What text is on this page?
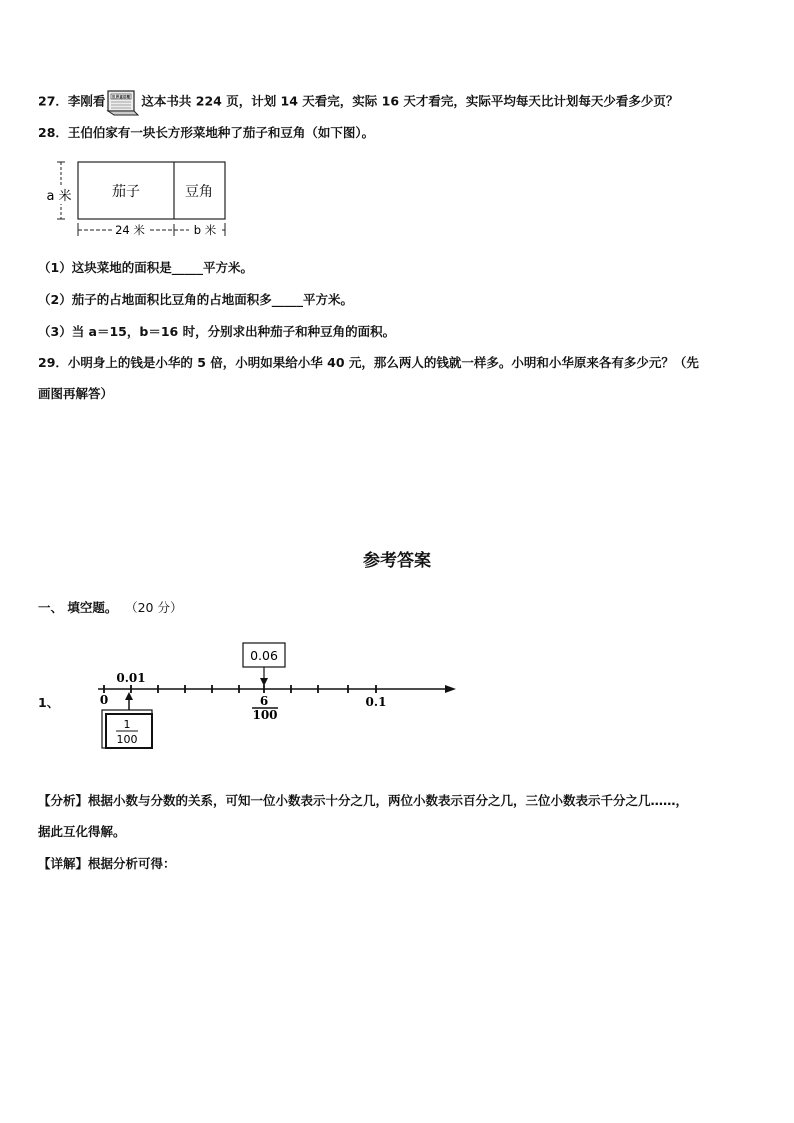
27．李刚看 世界童话精 这本书共 224 页，计划 14 天看完，实际 16 天才看完，实际平均每天比计划每天少看多少页？
28．王伯伯家有一块长方形菜地种了茄子和豆角（如下图）。
a 米	茄子	豆角
24 米	b 米
（1）这块菜地的面积是_____平方米。
（2）茄子的占地面积比豆角的占地面积多_____平方米。
（3）当 a＝15，b＝16 时，分别求出种茄子和种豆角的面积。
29．小明身上的钱是小华的 5 倍，小明如果给小华 40 元，那么两人的钱就一样多。小明和小华原来各有多少元？（先
画图再解答）
参考答案
一、 填空题。 （20 分）
1、	0
0.01
0.1
6
100
0.06
1
100
【分析】根据小数与分数的关系，可知一位小数表示十分之几，两位小数表示百分之几，三位小数表示千分之几……，
据此互化得解。
【详解】根据分析可得：
